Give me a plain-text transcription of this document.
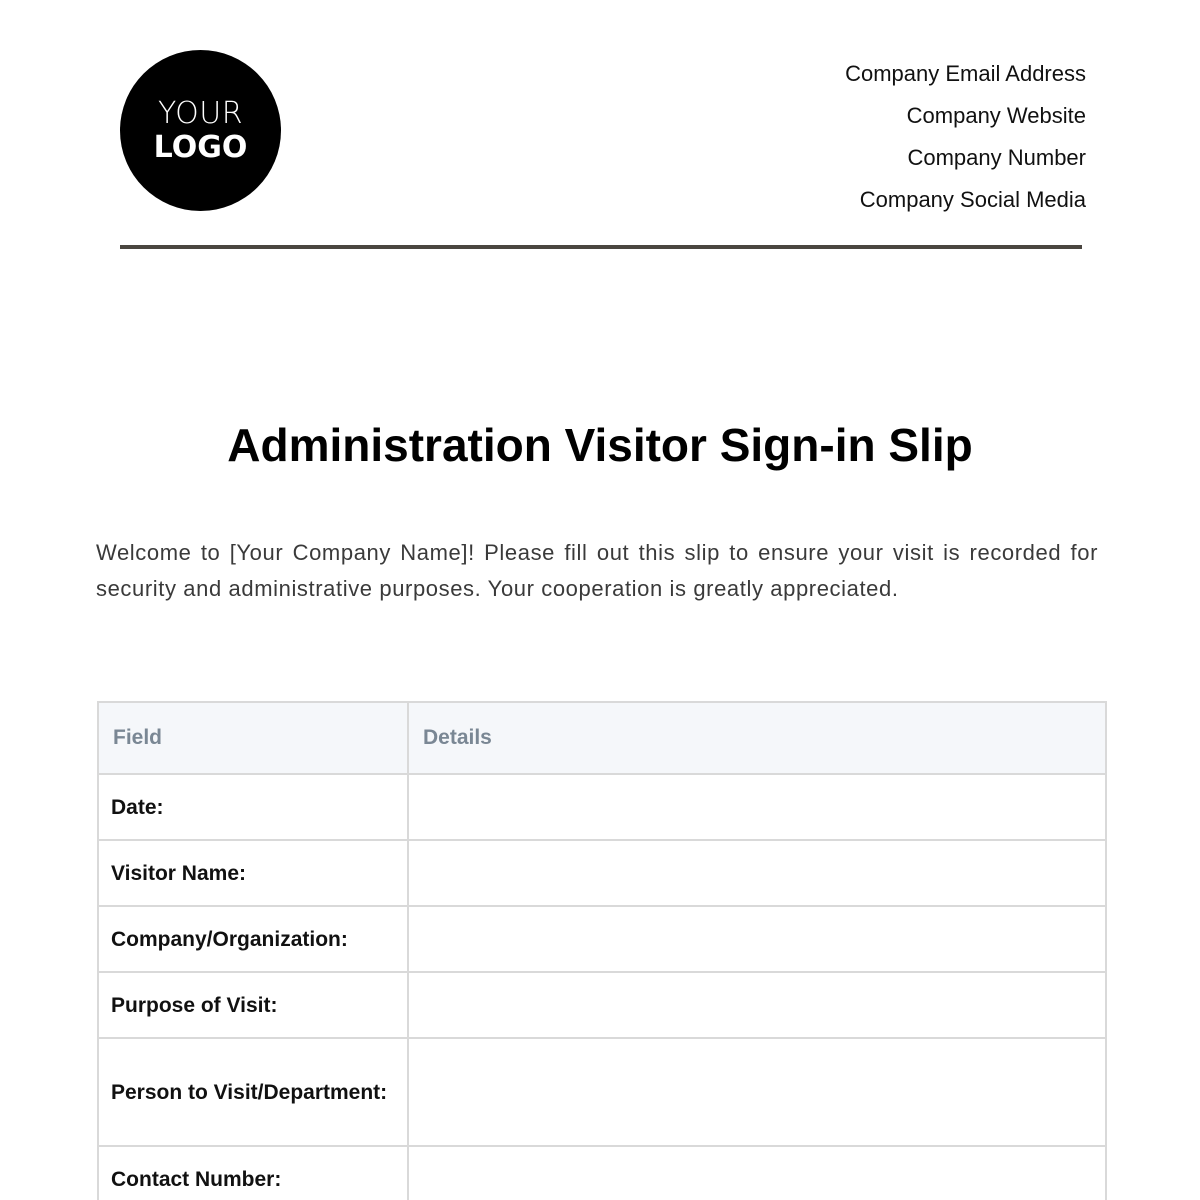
YOUR
LOGO
Company Email Address
Company Website
Company Number
Company Social Media
Administration Visitor Sign-in Slip

Welcome to [Your Company Name]! Please fill out this slip to ensure your visit is recorded for security and administrative purposes. Your cooperation is greatly appreciated.

Field	Details
Date:	
Visitor Name:	
Company/Organization:	
Purpose of Visit:	
Person to Visit/Department:	
Contact Number:	
